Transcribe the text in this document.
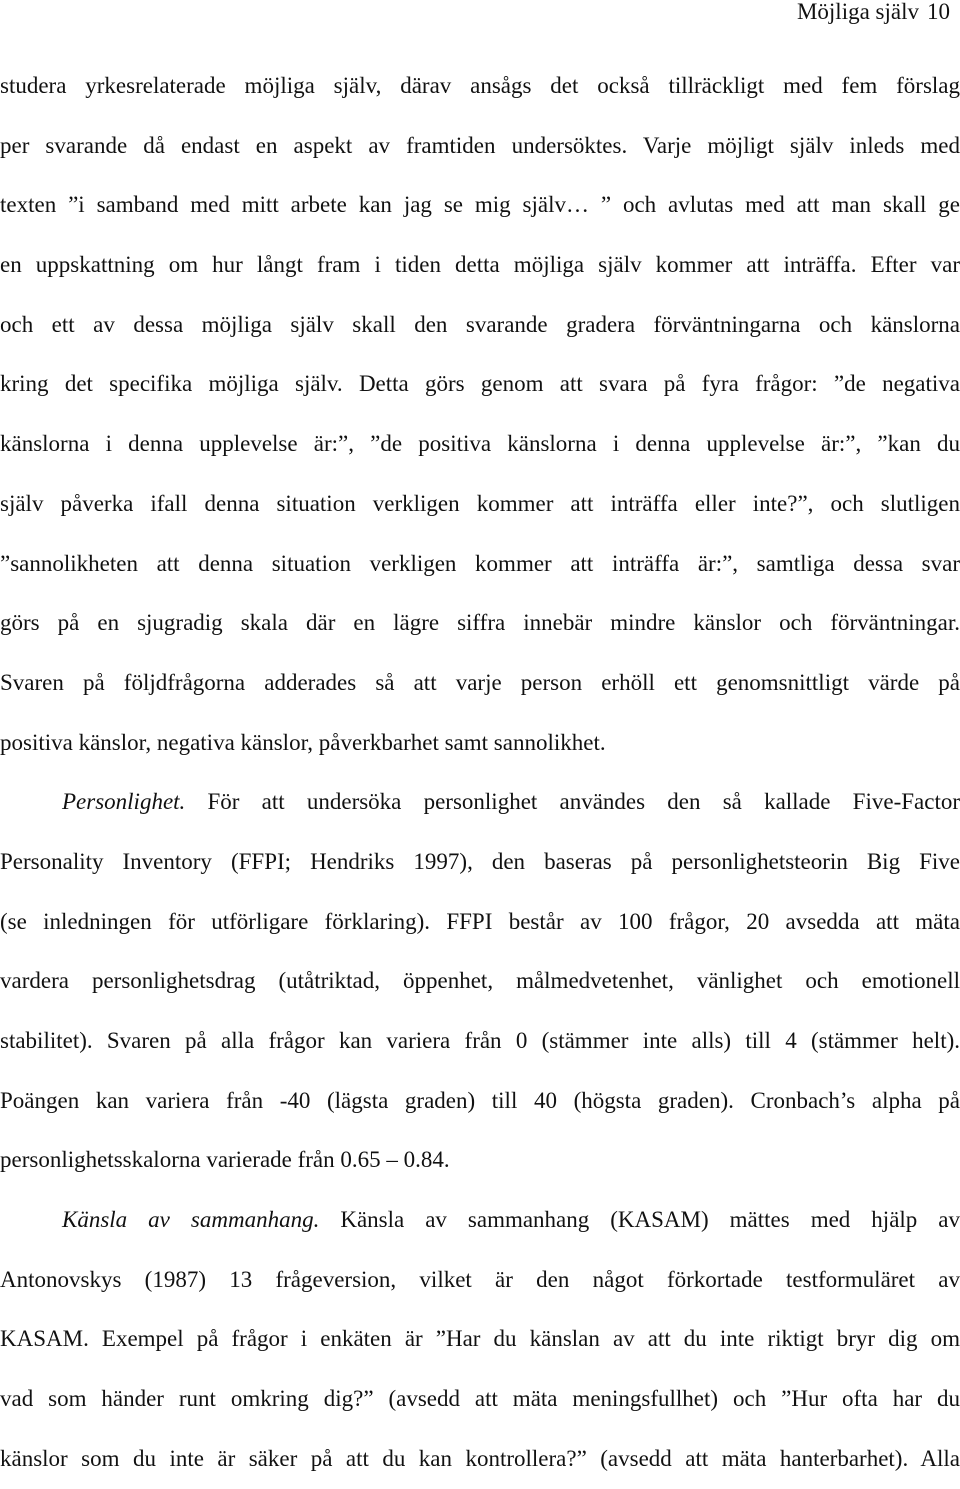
Möjliga själv 10
studera yrkesrelaterade möjliga själv, därav ansågs det också tillräckligt med fem förslag
per svarande då endast en aspekt av framtiden undersöktes. Varje möjligt själv inleds med
texten ”i samband med mitt arbete kan jag se mig själv… ” och avlutas med att man skall ge
en uppskattning om hur långt fram i tiden detta möjliga själv kommer att inträffa. Efter var
och ett av dessa möjliga själv skall den svarande gradera förväntningarna och känslorna
kring det specifika möjliga själv. Detta görs genom att svara på fyra frågor: ”de negativa
känslorna i denna upplevelse är:”, ”de positiva känslorna i denna upplevelse är:”, ”kan du
själv påverka ifall denna situation verkligen kommer att inträffa eller inte?”, och slutligen
”sannolikheten att denna situation verkligen kommer att inträffa är:”, samtliga dessa svar
görs på en sjugradig skala där en lägre siffra innebär mindre känslor och förväntningar.
Svaren på följdfrågorna adderades så att varje person erhöll ett genomsnittligt värde på
positiva känslor, negativa känslor, påverkbarhet samt sannolikhet.
Personlighet. För att undersöka personlighet användes den så kallade Five-Factor
Personality Inventory (FFPI; Hendriks 1997), den baseras på personlighetsteorin Big Five
(se inledningen för utförligare förklaring). FFPI består av 100 frågor, 20 avsedda att mäta
vardera personlighetsdrag (utåtriktad, öppenhet, målmedvetenhet, vänlighet och emotionell
stabilitet). Svaren på alla frågor kan variera från 0 (stämmer inte alls) till 4 (stämmer helt).
Poängen kan variera från -40 (lägsta graden) till 40 (högsta graden). Cronbach’s alpha på
personlighetsskalorna varierade från 0.65 – 0.84.
Känsla av sammanhang. Känsla av sammanhang (KASAM) mättes med hjälp av
Antonovskys (1987) 13 frågeversion, vilket är den något förkortade testformuläret av
KASAM. Exempel på frågor i enkäten är ”Har du känslan av att du inte riktigt bryr dig om
vad som händer runt omkring dig?” (avsedd att mäta meningsfullhet) och ”Hur ofta har du
känslor som du inte är säker på att du kan kontrollera?” (avsedd att mäta hanterbarhet). Alla
